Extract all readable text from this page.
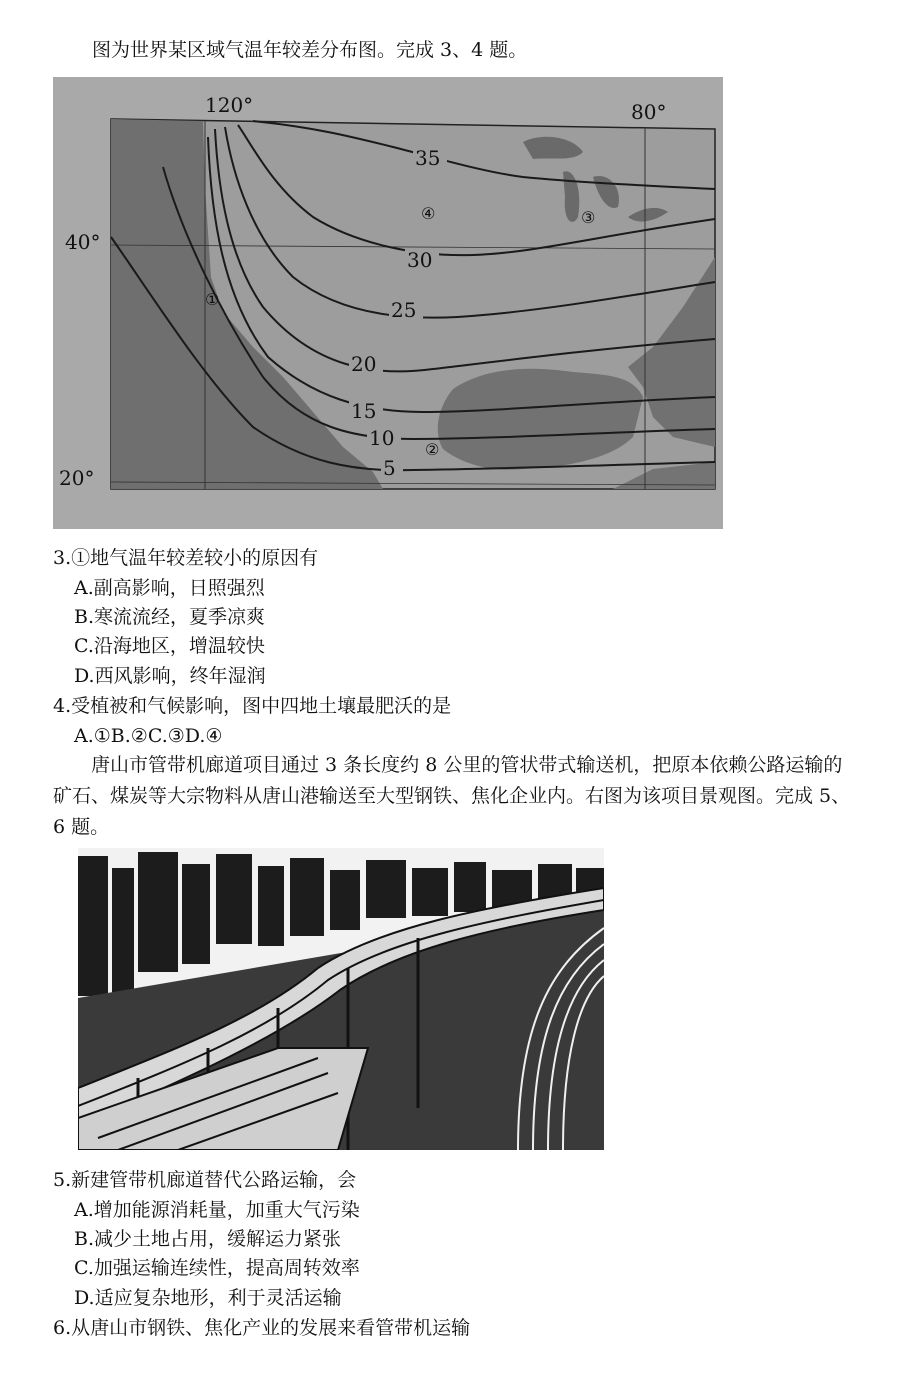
图为世界某区域气温年较差分布图。完成 3、4 题。
120°	80°
40°
20°
35
30
25
20
15
10
5
①
②
③
④
3.①地气温年较差较小的原因有
A.副高影响，日照强烈
B.寒流流经，夏季凉爽
C.沿海地区，增温较快
D.西风影响，终年湿润
4.受植被和气候影响，图中四地土壤最肥沃的是
A.①B.②C.③D.④
唐山市管带机廊道项目通过 3 条长度约 8 公里的管状带式输送机，把原本依赖公路运输的矿石、煤炭等大宗物料从唐山港输送至大型钢铁、焦化企业内。右图为该项目景观图。完成 5、6 题。
5.新建管带机廊道替代公路运输，会
A.增加能源消耗量，加重大气污染
B.减少土地占用，缓解运力紧张
C.加强运输连续性，提高周转效率
D.适应复杂地形，利于灵活运输
6.从唐山市钢铁、焦化产业的发展来看管带机运输
